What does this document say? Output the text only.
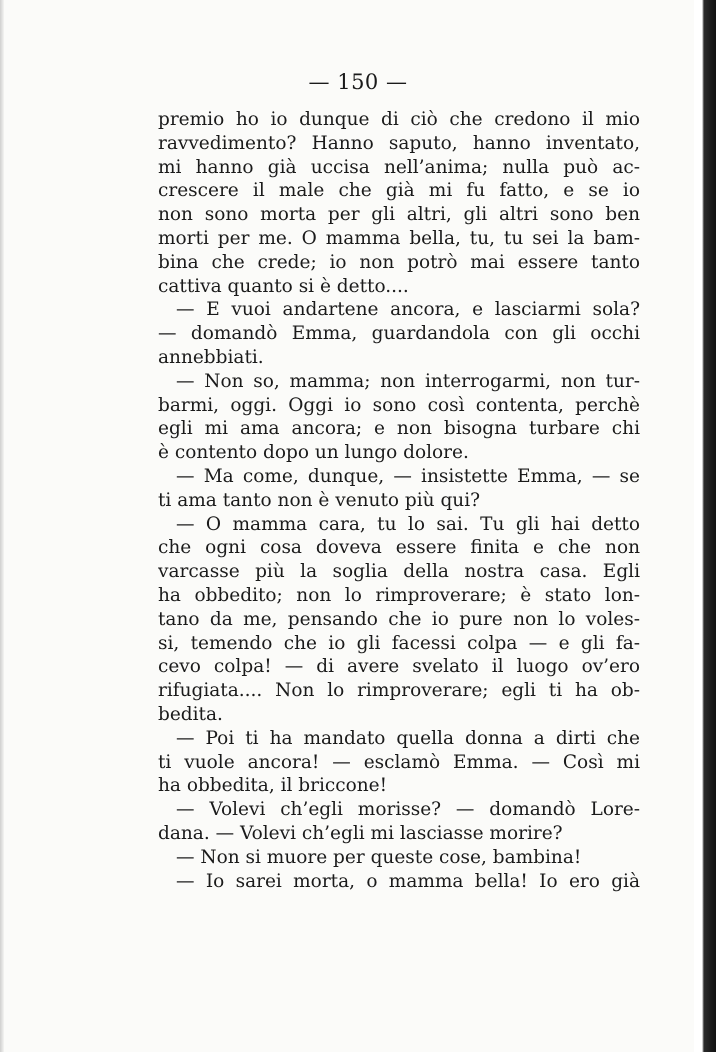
— 150 —
premio ho io dunque di ciò che credono il mio
ravvedimento? Hanno saputo, hanno inventato,
mi hanno già uccisa nell’anima; nulla può ac-
crescere il male che già mi fu fatto, e se io
non sono morta per gli altri, gli altri sono ben
morti per me. O mamma bella, tu, tu sei la bam-
bina che crede; io non potrò mai essere tanto
cattiva quanto si è detto....
— E vuoi andartene ancora, e lasciarmi sola?
— domandò Emma, guardandola con gli occhi
annebbiati.
— Non so, mamma; non interrogarmi, non tur-
barmi, oggi. Oggi io sono così contenta, perchè
egli mi ama ancora; e non bisogna turbare chi
è contento dopo un lungo dolore.
— Ma come, dunque, — insistette Emma, — se
ti ama tanto non è venuto più qui?
— O mamma cara, tu lo sai. Tu gli hai detto
che ogni cosa doveva essere finita e che non
varcasse più la soglia della nostra casa. Egli
ha obbedito; non lo rimproverare; è stato lon-
tano da me, pensando che io pure non lo voles-
si, temendo che io gli facessi colpa — e gli fa-
cevo colpa! — di avere svelato il luogo ov’ero
rifugiata.... Non lo rimproverare; egli ti ha ob-
bedita.
— Poi ti ha mandato quella donna a dirti che
ti vuole ancora! — esclamò Emma. — Così mi
ha obbedita, il briccone!
— Volevi ch’egli morisse? — domandò Lore-
dana. — Volevi ch’egli mi lasciasse morire?
— Non si muore per queste cose, bambina!
— Io sarei morta, o mamma bella! Io ero già
